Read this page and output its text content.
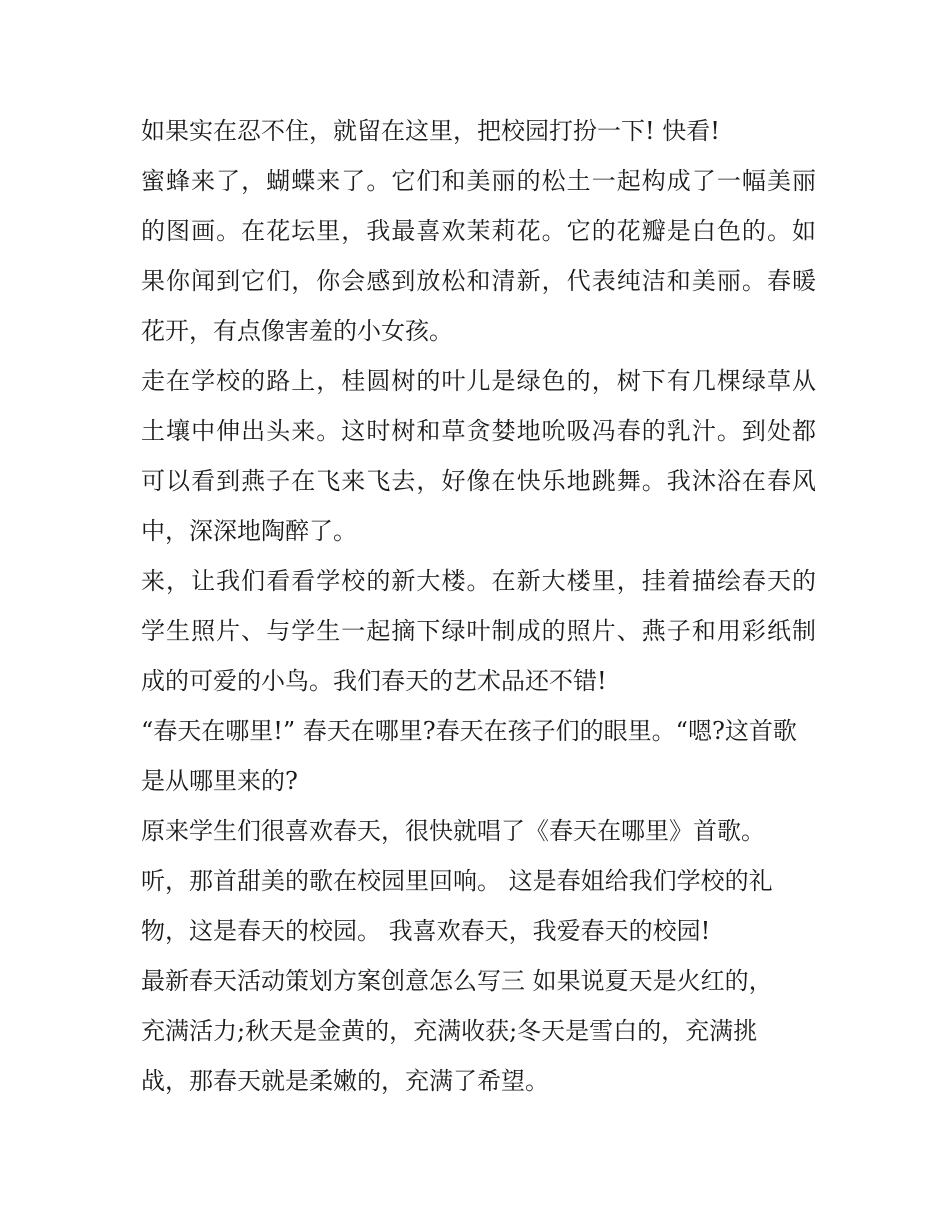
如果实在忍不住，就留在这里，把校园打扮一下! 快看!
蜜蜂来了，蝴蝶来了。它们和美丽的松土一起构成了一幅美丽
的图画。在花坛里，我最喜欢茉莉花。它的花瓣是白色的。如
果你闻到它们，你会感到放松和清新，代表纯洁和美丽。春暖
花开，有点像害羞的小女孩。
走在学校的路上，桂圆树的叶儿是绿色的，树下有几棵绿草从
土壤中伸出头来。这时树和草贪婪地吮吸冯春的乳汁。到处都
可以看到燕子在飞来飞去，好像在快乐地跳舞。我沐浴在春风
中，深深地陶醉了。
来，让我们看看学校的新大楼。在新大楼里，挂着描绘春天的
学生照片、与学生一起摘下绿叶制成的照片、燕子和用彩纸制
成的可爱的小鸟。我们春天的艺术品还不错!
“春天在哪里!” 春天在哪里?春天在孩子们的眼里。“嗯?这首歌
是从哪里来的?
原来学生们很喜欢春天，很快就唱了《春天在哪里》首歌。
听，那首甜美的歌在校园里回响。 这是春姐给我们学校的礼
物，这是春天的校园。 我喜欢春天，我爱春天的校园!
最新春天活动策划方案创意怎么写三 如果说夏天是火红的，
充满活力;秋天是金黄的，充满收获;冬天是雪白的，充满挑
战，那春天就是柔嫩的，充满了希望。
